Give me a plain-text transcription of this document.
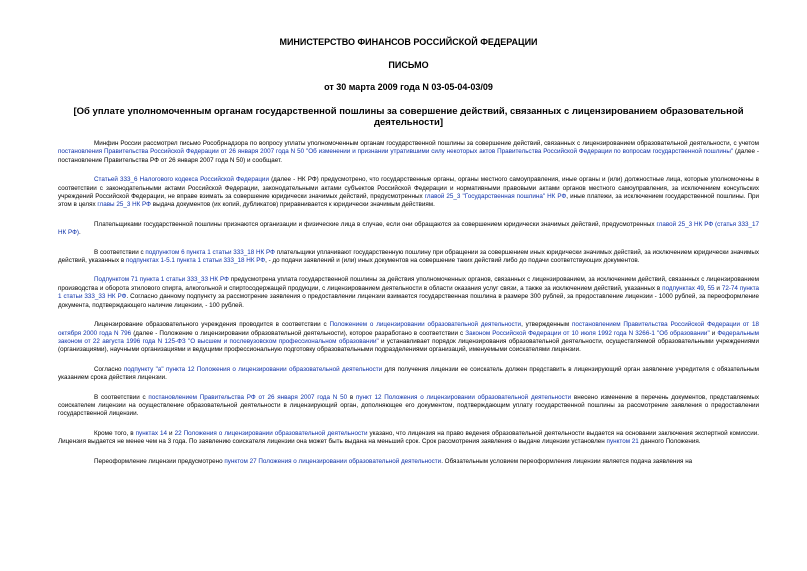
МИНИСТЕРСТВО ФИНАНСОВ РОССИЙСКОЙ ФЕДЕРАЦИИ
ПИСЬМО
от 30 марта 2009 года N 03-05-04-03/09
[Об уплате уполномоченным органам государственной пошлины за совершение действий, связанных с лицензированием образовательной деятельности]

Минфин России рассмотрел письмо Рособрнадзора по вопросу уплаты уполномоченным органам государственной пошлины за совершение действий, связанных с лицензированием образовательной деятельности, с учетом постановления Правительства Российской Федерации от 26 января 2007 года N 50 "Об изменении и признании утратившими силу некоторых актов Правительства Российской Федерации по вопросам государственной пошлины" (далее - постановление Правительства РФ от 26 января 2007 года N 50) и сообщает.

Статьей 333_6 Налогового кодекса Российской Федерации (далее - НК РФ) предусмотрено, что государственные органы, органы местного самоуправления, иные органы и (или) должностные лица, которые уполномочены в соответствии с законодательными актами Российской Федерации, законодательными актами субъектов Российской Федерации и нормативными правовыми актами органов местного самоуправления, за исключением консульских учреждений Российской Федерации, не вправе взимать за совершение юридически значимых действий, предусмотренных главой 25_3 "Государственная пошлина" НК РФ, иные платежи, за исключением государственной пошлины. При этом в целях главы 25_3 НК РФ выдача документов (их копий, дубликатов) приравнивается к юридически значимым действиям.

Плательщиками государственной пошлины признаются организации и физические лица в случае, если они обращаются за совершением юридически значимых действий, предусмотренных главой 25_3 НК РФ (статья 333_17 НК РФ).

В соответствии с подпунктом 6 пункта 1 статьи 333_18 НК РФ плательщики уплачивают государственную пошлину при обращении за совершением иных юридически значимых действий, за исключением юридически значимых действий, указанных в подпунктах 1-5.1 пункта 1 статьи 333_18 НК РФ, - до подачи заявлений и (или) иных документов на совершение таких действий либо до подачи соответствующих документов.

Подпунктом 71 пункта 1 статьи 333_33 НК РФ предусмотрена уплата государственной пошлины за действия уполномоченных органов, связанных с лицензированием, за исключением действий, связанных с лицензированием производства и оборота этилового спирта, алкогольной и спиртосодержащей продукции, с лицензированием деятельности в области оказания услуг связи, а также за исключением действий, указанных в подпунктах 49, 55 и 72-74 пункта 1 статьи 333_33 НК РФ. Согласно данному подпункту за рассмотрение заявления о предоставлении лицензии взимается государственная пошлина в размере 300 рублей, за предоставление лицензии - 1000 рублей, за переоформление документа, подтверждающего наличие лицензии, - 100 рублей.

Лицензирование образовательного учреждения проводится в соответствии с Положением о лицензировании образовательной деятельности, утвержденным постановлением Правительства Российской Федерации от 18 октября 2000 года N 796 (далее - Положение о лицензировании образовательной деятельности), которое разработано в соответствии с Законом Российской Федерации от 10 июля 1992 года N 3266-1 "Об образовании" и Федеральным законом от 22 августа 1996 года N 125-ФЗ "О высшем и послевузовском профессиональном образовании" и устанавливает порядок лицензирования образовательной деятельности, осуществляемой образовательными учреждениями (организациями), научными организациями и ведущими профессиональную подготовку образовательными подразделениями организаций, именуемыми соискателями лицензии.

Согласно подпункту "а" пункта 12 Положения о лицензировании образовательной деятельности для получения лицензии ее соискатель должен представить в лицензирующий орган заявление учредителя с обязательным указанием срока действия лицензии.

В соответствии с постановлением Правительства РФ от 26 января 2007 года N 50 в пункт 12 Положения о лицензировании образовательной деятельности внесено изменение в перечень документов, представляемых соискателем лицензии на осуществление образовательной деятельности в лицензирующий орган, дополняющее его документом, подтверждающим уплату государственной пошлины за рассмотрение заявления о предоставлении государственной лицензии.

Кроме того, в пунктах 14 и 22 Положения о лицензировании образовательной деятельности указано, что лицензия на право ведения образовательной деятельности выдается на основании заключения экспертной комиссии. Лицензия выдается не менее чем на 3 года. По заявлению соискателя лицензии она может быть выдана на меньший срок. Срок рассмотрения заявления о выдаче лицензии установлен пунктом 21 данного Положения.

Переоформление лицензии предусмотрено пунктом 27 Положения о лицензировании образовательной деятельности. Обязательным условием переоформления лицензии является подача заявления на
